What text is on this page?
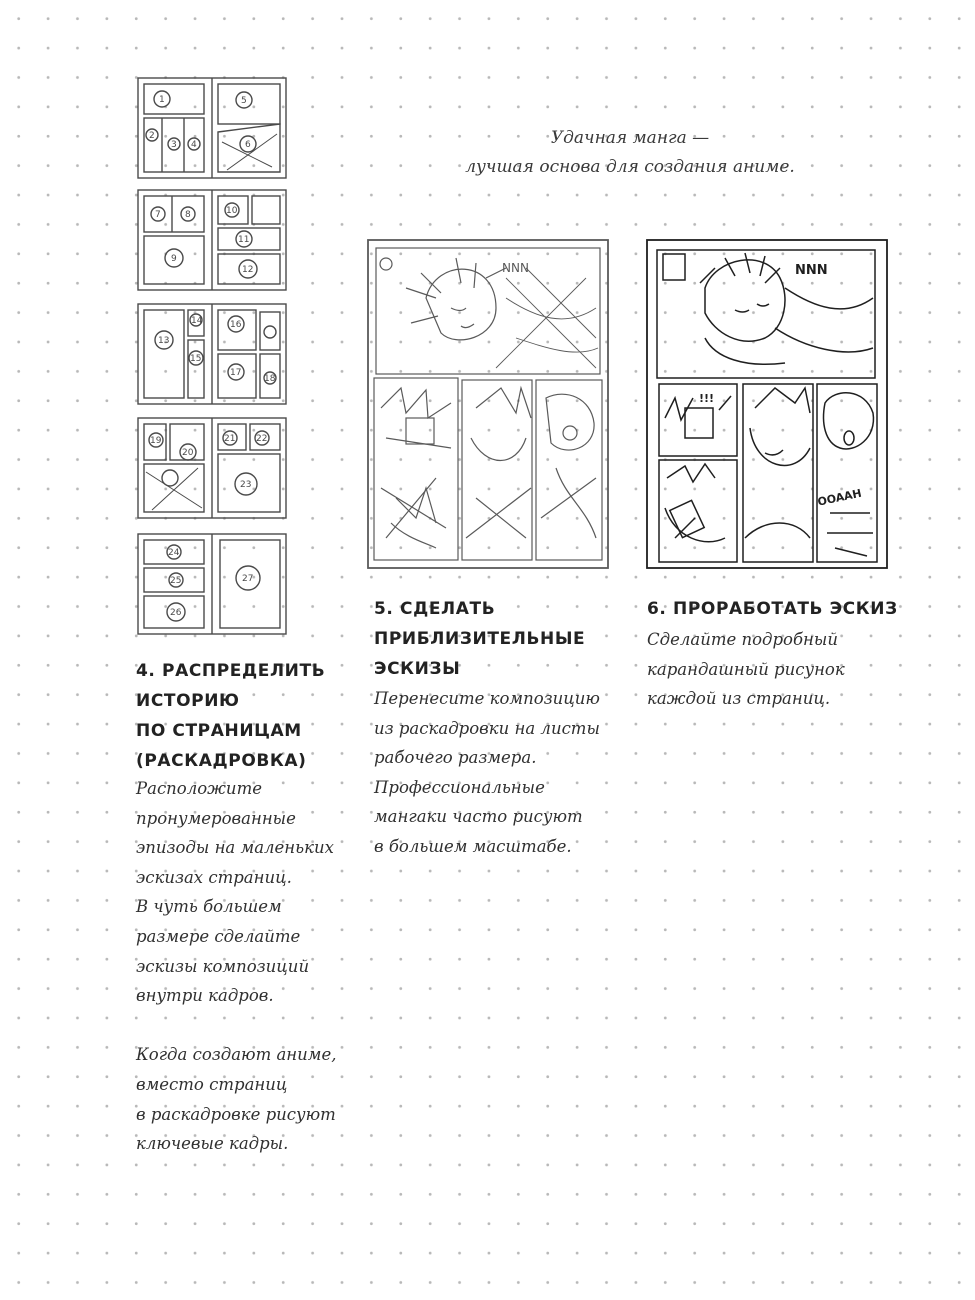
Удачная манга —
лучшая основа для создания аниме.
1	5
2
3 4	6
7	8
9
10
11
12
13
14
15
16
17
18
19
20
21 22
23
24
25
26
27
NNN	NNN
!!!
OOAAH
4. РАСПРЕДЕЛИТЬ
ИСТОРИЮ
ПО СТРАНИЦАМ
(РАСКАДРОВКА)
Расположите
пронумерованные
эпизоды на маленьких
эскизах страниц.
В чуть большем
размере сделайте
эскизы композиций
внутри кадров.
Когда создают аниме,
вместо страниц
в раскадровке рисуют
ключевые кадры.
5. СДЕЛАТЬ
ПРИБЛИЗИТЕЛЬНЫЕ
ЭСКИЗЫ
Перенесите композицию
из раскадровки на листы
рабочего размера.
Профессиональные
мангаки часто рисуют
в большем масштабе.
6. ПРОРАБОТАТЬ ЭСКИЗ
Сделайте подробный
карандашный рисунок
каждой из страниц.
